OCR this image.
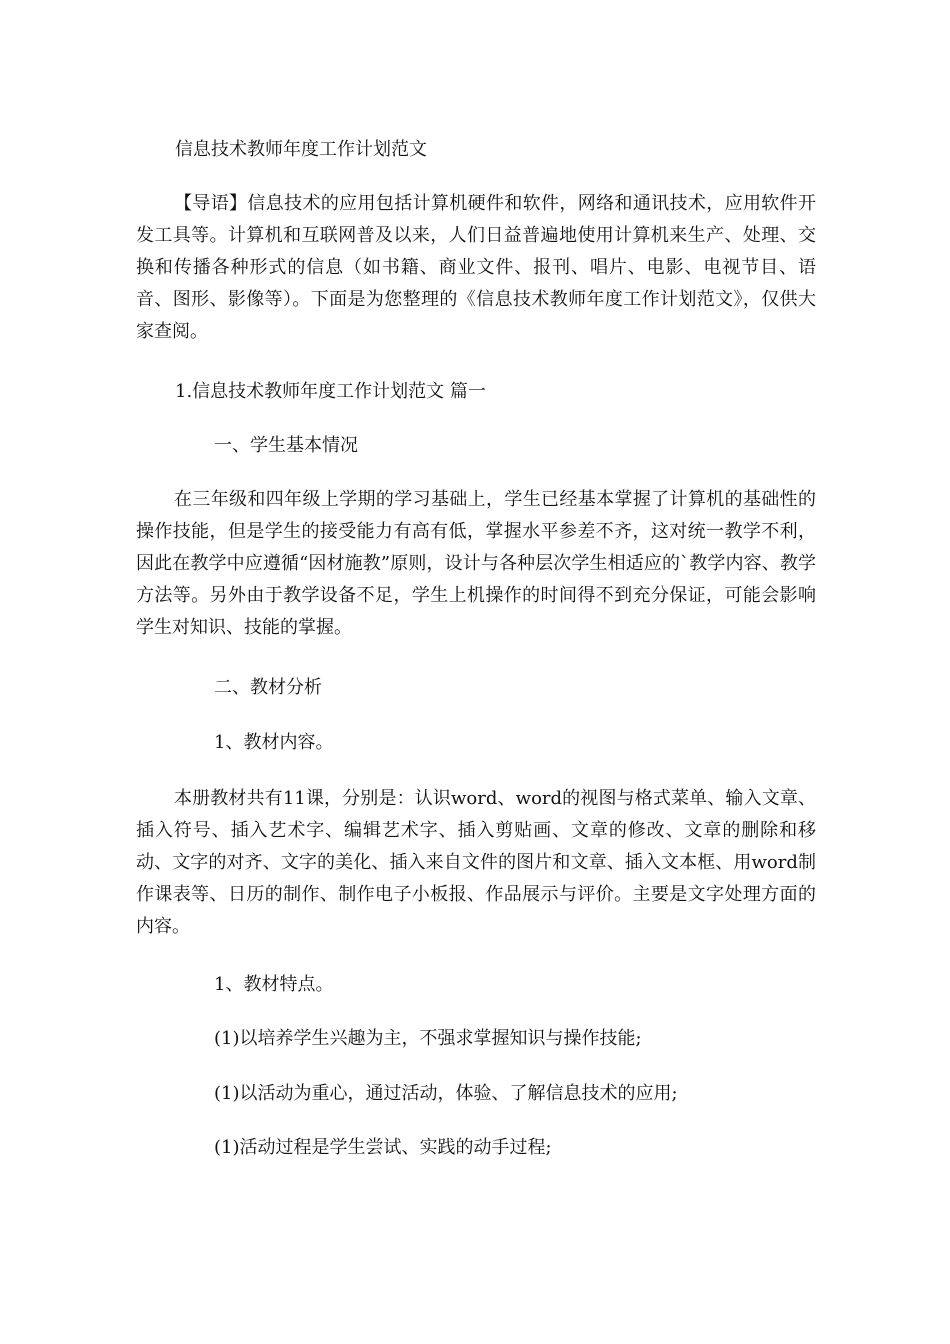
信息技术教师年度工作计划范文
【导语】信息技术的应用包括计算机硬件和软件，网络和通讯技术，应用软件开发工具等。计算机和互联网普及以来，人们日益普遍地使用计算机来生产、处理、交换和传播各种形式的信息（如书籍、商业文件、报刊、唱片、电影、电视节目、语音、图形、影像等）。下面是为您整理的《信息技术教师年度工作计划范文》，仅供大家查阅。
1.信息技术教师年度工作计划范文 篇一
一、学生基本情况
在三年级和四年级上学期的学习基础上，学生已经基本掌握了计算机的基础性的操作技能，但是学生的接受能力有高有低，掌握水平参差不齐，这对统一教学不利，因此在教学中应遵循“因材施教”原则，设计与各种层次学生相适应的`教学内容、教学方法等。另外由于教学设备不足，学生上机操作的时间得不到充分保证，可能会影响学生对知识、技能的掌握。
二、教材分析
1、教材内容。
本册教材共有11课，分别是：认识word、word的视图与格式菜单、输入文章、插入符号、插入艺术字、编辑艺术字、插入剪贴画、文章的修改、文章的删除和移动、文字的对齐、文字的美化、插入来自文件的图片和文章、插入文本框、用word制作课表等、日历的制作、制作电子小板报、作品展示与评价。主要是文字处理方面的内容。
1、教材特点。
(1)以培养学生兴趣为主，不强求掌握知识与操作技能;
(1)以活动为重心，通过活动，体验、了解信息技术的应用;
(1)活动过程是学生尝试、实践的动手过程;
